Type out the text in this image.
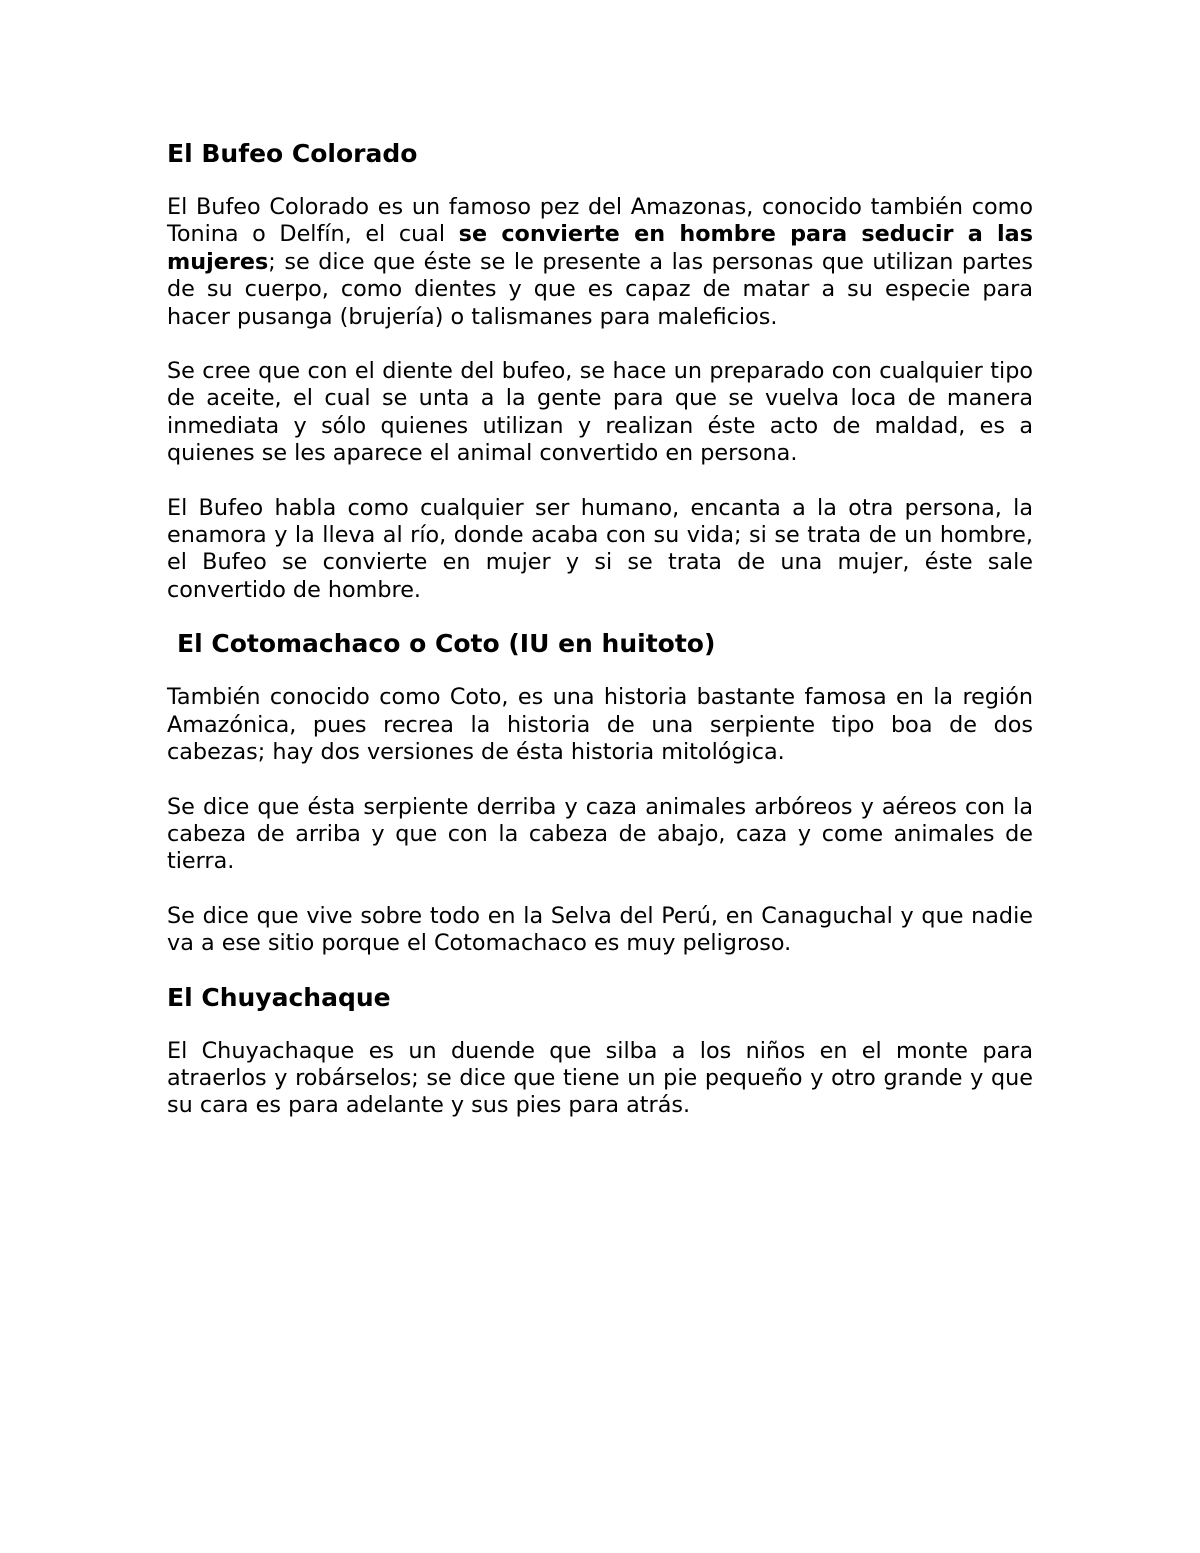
El Bufeo Colorado

El Bufeo Colorado es un famoso pez del Amazonas, conocido también como Tonina o Delfín, el cual se convierte en hombre para seducir a las mujeres; se dice que éste se le presente a las personas que utilizan partes de su cuerpo, como dientes y que es capaz de matar a su especie para hacer pusanga (brujería) o talismanes para maleficios.

Se cree que con el diente del bufeo, se hace un preparado con cualquier tipo de aceite, el cual se unta a la gente para que se vuelva loca de manera inmediata y sólo quienes utilizan y realizan éste acto de maldad, es a quienes se les aparece el animal convertido en persona.

El Bufeo habla como cualquier ser humano, encanta a la otra persona, la enamora y la lleva al río, donde acaba con su vida; si se trata de un hombre, el Bufeo se convierte en mujer y si se trata de una mujer, éste sale convertido de hombre.

El Cotomachaco o Coto (IU en huitoto)

También conocido como Coto, es una historia bastante famosa en la región Amazónica, pues recrea la historia de una serpiente tipo boa de dos cabezas; hay dos versiones de ésta historia mitológica.

Se dice que ésta serpiente derriba y caza animales arbóreos y aéreos con la cabeza de arriba y que con la cabeza de abajo, caza y come animales de tierra.

Se dice que vive sobre todo en la Selva del Perú, en Canaguchal y que nadie va a ese sitio porque el Cotomachaco es muy peligroso.

El Chuyachaque

El Chuyachaque es un duende que silba a los niños en el monte para atraerlos y robárselos; se dice que tiene un pie pequeño y otro grande y que su cara es para adelante y sus pies para atrás.
